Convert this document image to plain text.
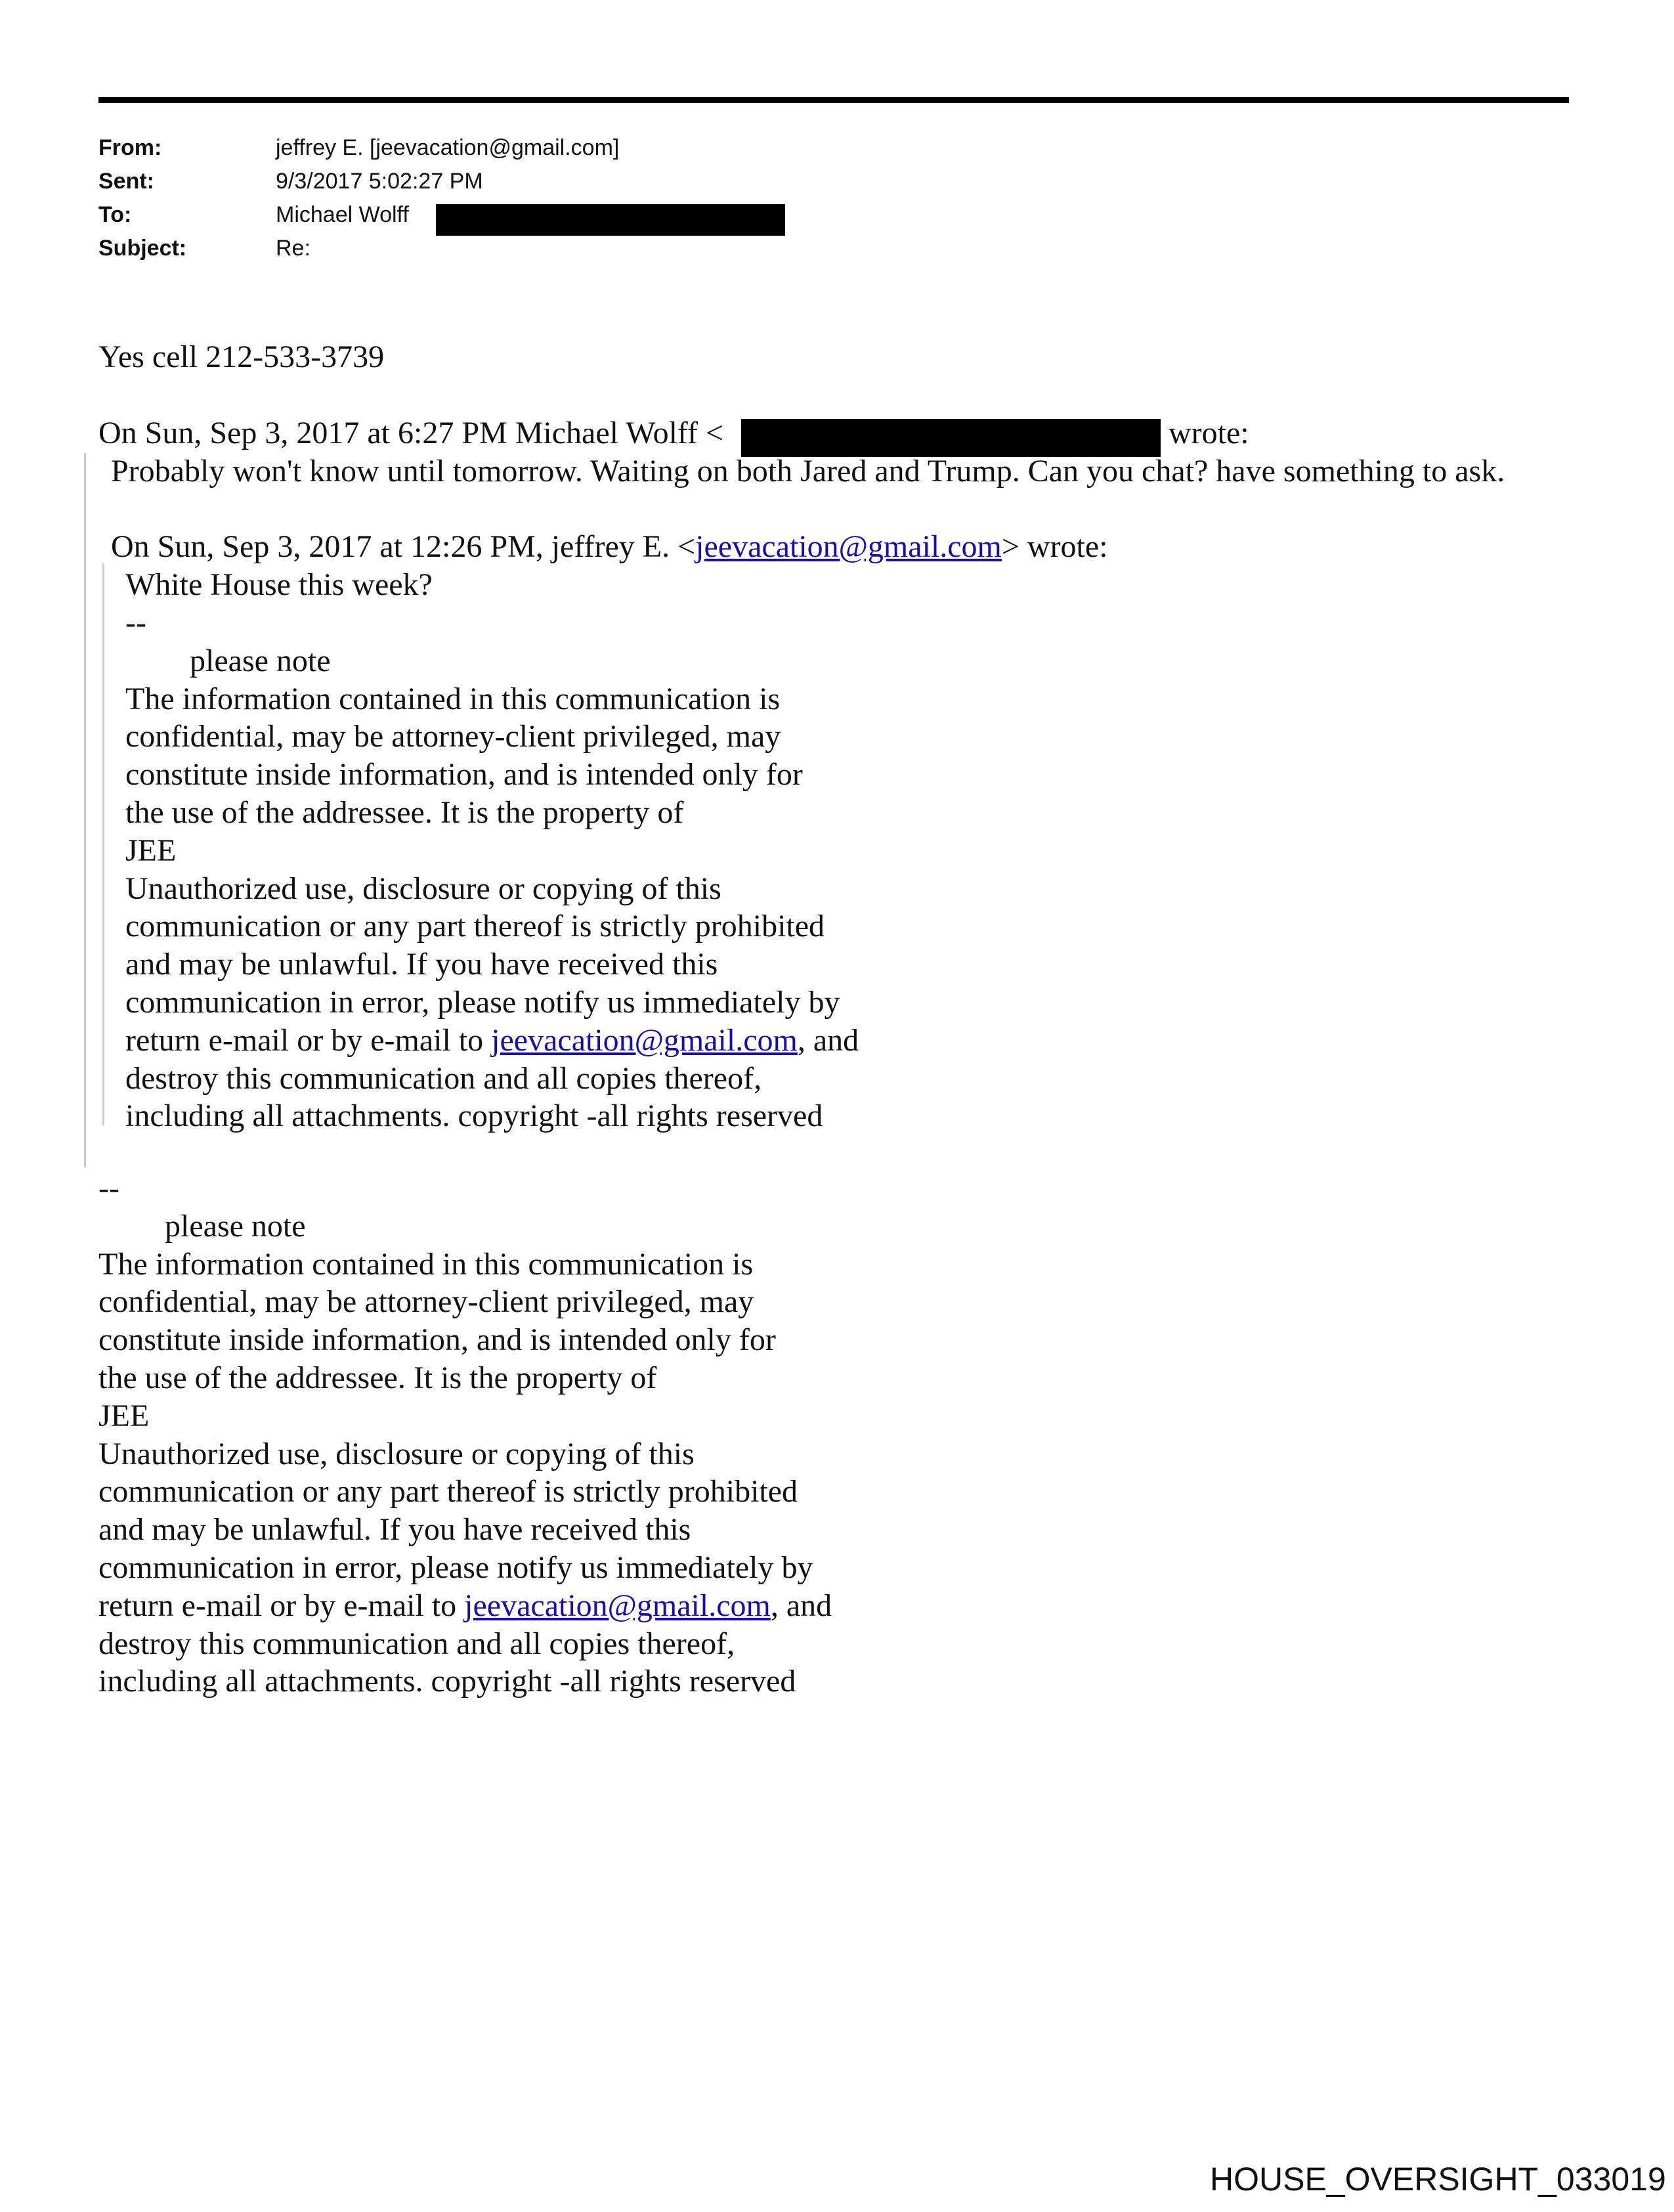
From:	jeffrey E. [jeevacation@gmail.com]
Sent:	9/3/2017 5:02:27 PM
To:	Michael Wolff
Subject:	Re:
Yes cell 212-533-3739
On Sun, Sep 3, 2017 at 6:27 PM Michael Wolff <	wrote:
Probably won't know until tomorrow. Waiting on both Jared and Trump. Can you chat? have something to ask.
On Sun, Sep 3, 2017 at 12:26 PM, jeffrey E. <jeevacation@gmail.com> wrote:
White House this week?
--
please note
The information contained in this communication is
confidential, may be attorney-client privileged, may
constitute inside information, and is intended only for
the use of the addressee. It is the property of
JEE
Unauthorized use, disclosure or copying of this
communication or any part thereof is strictly prohibited
and may be unlawful. If you have received this
communication in error, please notify us immediately by
return e-mail or by e-mail to jeevacation@gmail.com, and
destroy this communication and all copies thereof,
including all attachments. copyright -all rights reserved
--
please note
The information contained in this communication is
confidential, may be attorney-client privileged, may
constitute inside information, and is intended only for
the use of the addressee. It is the property of
JEE
Unauthorized use, disclosure or copying of this
communication or any part thereof is strictly prohibited
and may be unlawful. If you have received this
communication in error, please notify us immediately by
return e-mail or by e-mail to jeevacation@gmail.com, and
destroy this communication and all copies thereof,
including all attachments. copyright -all rights reserved
HOUSE_OVERSIGHT_033019
